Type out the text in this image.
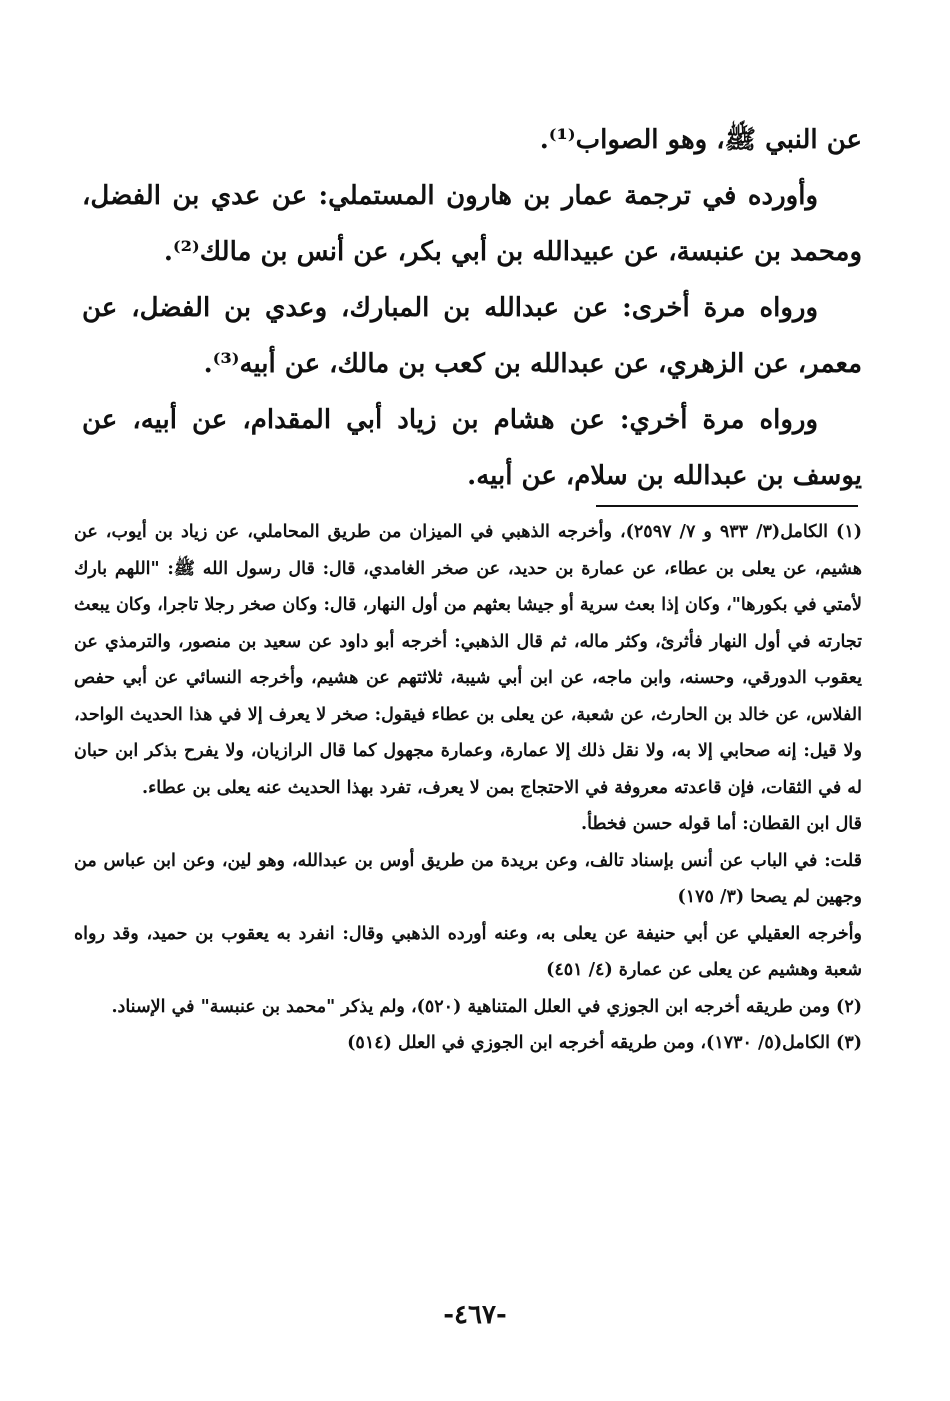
عن النبي ﷺ، وهو الصواب⁽¹⁾.

وأورده في ترجمة عمار بن هارون المستملي: عن عدي بن الفضل، ومحمد بن عنبسة، عن عبيدالله بن أبي بكر، عن أنس بن مالك⁽²⁾.

ورواه مرة أخرى: عن عبدالله بن المبارك، وعدي بن الفضل، عن معمر، عن الزهري، عن عبدالله بن كعب بن مالك، عن أبيه⁽³⁾.

ورواه مرة أخري: عن هشام بن زياد أبي المقدام، عن أبيه، عن يوسف بن عبدالله بن سلام، عن أبيه.

(١) الكامل(٣/ ٩٣٣ و ٧/ ٢٥٩٧)، وأخرجه الذهبي في الميزان من طريق المحاملي، عن زياد بن أيوب، عن هشيم، عن يعلى بن عطاء، عن عمارة بن حديد، عن صخر الغامدي، قال: قال رسول الله ﷺ: "اللهم بارك لأمتي في بكورها"، وكان إذا بعث سرية أو جيشا بعثهم من أول النهار، قال: وكان صخر رجلا تاجرا، وكان يبعث تجارته في أول النهار فأثرئ، وكثر ماله، ثم قال الذهبي: أخرجه أبو داود عن سعيد بن منصور، والترمذي عن يعقوب الدورقي، وحسنه، وابن ماجه، عن ابن أبي شيبة، ثلاثتهم عن هشيم، وأخرجه النسائي عن أبي حفص الفلاس، عن خالد بن الحارث، عن شعبة، عن يعلى بن عطاء فيقول: صخر لا يعرف إلا في هذا الحديث الواحد، ولا قيل: إنه صحابي إلا به، ولا نقل ذلك إلا عمارة، وعمارة مجهول كما قال الرازيان، ولا يفرح بذكر ابن حبان له في الثقات، فإن قاعدته معروفة في الاحتجاج بمن لا يعرف، تفرد بهذا الحديث عنه يعلى بن عطاء.

قال ابن القطان: أما قوله حسن فخطأ.

قلت: في الباب عن أنس بإسناد تالف، وعن بريدة من طريق أوس بن عبدالله، وهو لين، وعن ابن عباس من وجهين لم يصحا (٣/ ١٧٥)

وأخرجه العقيلي عن أبي حنيفة عن يعلى به، وعنه أورده الذهبي وقال: انفرد به يعقوب بن حميد، وقد رواه شعبة وهشيم عن يعلى عن عمارة (٤/ ٤٥١)

(٢) ومن طريقه أخرجه ابن الجوزي في العلل المتناهية (٥٢٠)، ولم يذكر "محمد بن عنبسة" في الإسناد.

(٣) الكامل(٥/ ١٧٣٠)، ومن طريقه أخرجه ابن الجوزي في العلل (٥١٤)

-٤٦٧-
